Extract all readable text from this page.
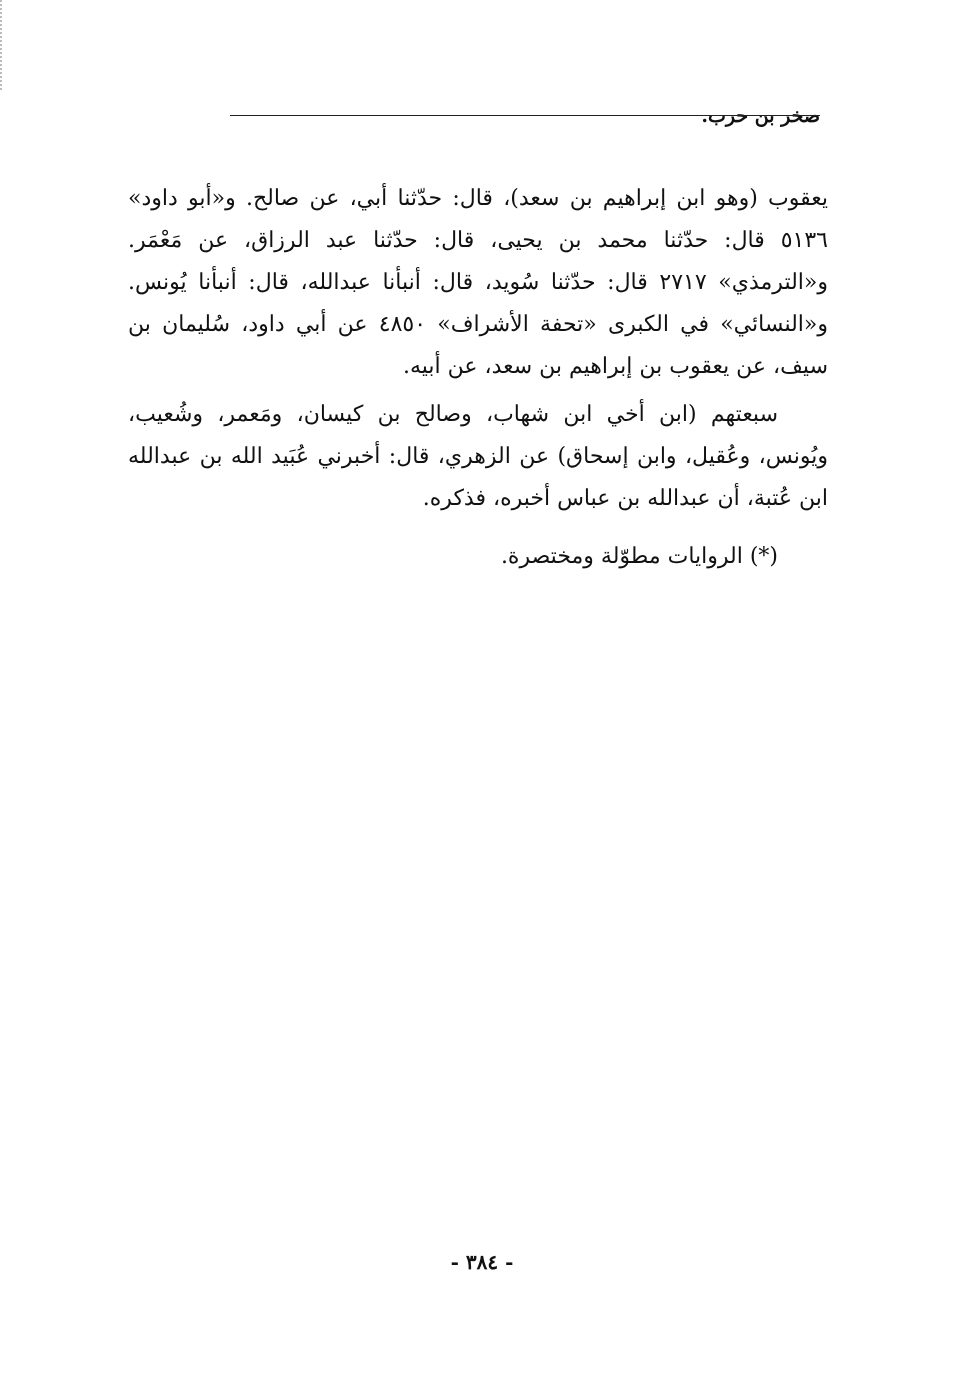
صخر بن حرب.

يعقوب (وهو ابن إبراهيم بن سعد)، قال: حدّثنا أبي، عن صالح. و«أبو داود» ٥١٣٦ قال: حدّثنا محمد بن يحيى، قال: حدّثنا عبد الرزاق، عن مَعْمَر. و«الترمذي» ٢٧١٧ قال: حدّثنا سُويد، قال: أنبأنا عبدالله، قال: أنبأنا يُونس. و«النسائي» في الكبرى «تحفة الأشراف» ٤٨٥٠ عن أبي داود، سُليمان بن سيف، عن يعقوب بن إبراهيم بن سعد، عن أبيه.

سبعتهم (ابن أخي ابن شهاب، وصالح بن كيسان، ومَعمر، وشُعيب، ويُونس، وعُقيل، وابن إسحاق) عن الزهري، قال: أخبرني عُبَيد الله بن عبدالله ابن عُتبة، أن عبدالله بن عباس أخبره، فذكره.

(*) الروايات مطوّلة ومختصرة.
- ٣٨٤ -
